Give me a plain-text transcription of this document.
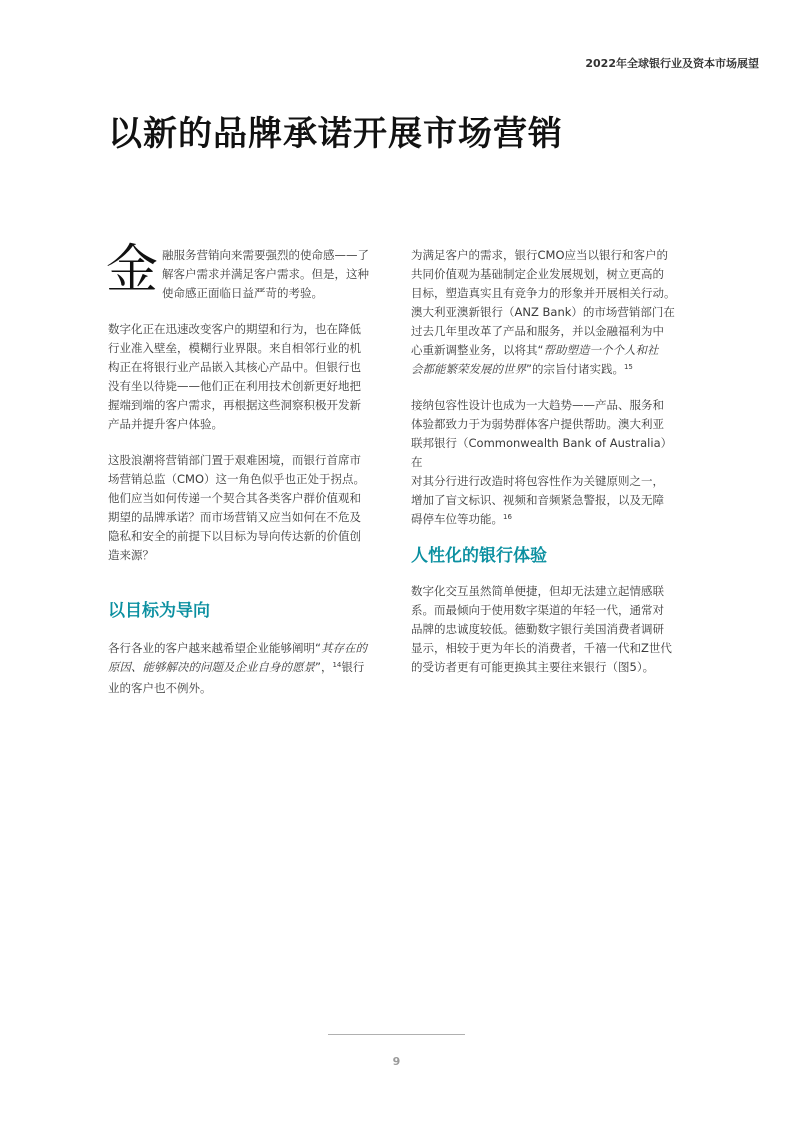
2022年全球银行业及资本市场展望
以新的品牌承诺开展市场营销
金 融服务营销向来需要强烈的使命感——了

解客户需求并满足客户需求。但是，这种

使命感正面临日益严苛的考验。

数字化正在迅速改变客户的期望和行为，也在降低

行业准入壁垒，模糊行业界限。来自相邻行业的机

构正在将银行业产品嵌入其核心产品中。但银行也

没有坐以待毙——他们正在利用技术创新更好地把

握端到端的客户需求，再根据这些洞察积极开发新

产品并提升客户体验。

这股浪潮将营销部门置于艰难困境，而银行首席市

场营销总监（CMO）这一角色似乎也正处于拐点。

他们应当如何传递一个契合其各类客户群价值观和

期望的品牌承诺？而市场营销又应当如何在不危及

隐私和安全的前提下以目标为导向传达新的价值创

造来源？

以目标为导向

各行各业的客户越来越希望企业能够阐明“其存在的

原因、能够解决的问题及企业自身的愿景”，$^{14}$银行

业的客户也不例外。

为满足客户的需求，银行CMO应当以银行和客户的

共同价值观为基础制定企业发展规划，树立更高的

目标，塑造真实且有竞争力的形象并开展相关行动。

澳大利亚澳新银行（ANZ Bank）的市场营销部门在

过去几年里改革了产品和服务，并以金融福利为中

心重新调整业务，以将其“帮助塑造一个个人和社

会都能繁荣发展的世界”的宗旨付诸实践。$^{15}$

接纳包容性设计也成为一大趋势——产品、服务和

体验都致力于为弱势群体客户提供帮助。澳大利亚

联邦银行（Commonwealth Bank of Australia）在

对其分行进行改造时将包容性作为关键原则之一，

增加了盲文标识、视频和音频紧急警报，以及无障

碍停车位等功能。$^{16}$

人性化的银行体验

数字化交互虽然简单便捷，但却无法建立起情感联

系。而最倾向于使用数字渠道的年轻一代，通常对

品牌的忠诚度较低。德勤数字银行美国消费者调研

显示，相较于更为年长的消费者，千禧一代和Z世代

的受访者更有可能更换其主要往来银行（图5）。

9
